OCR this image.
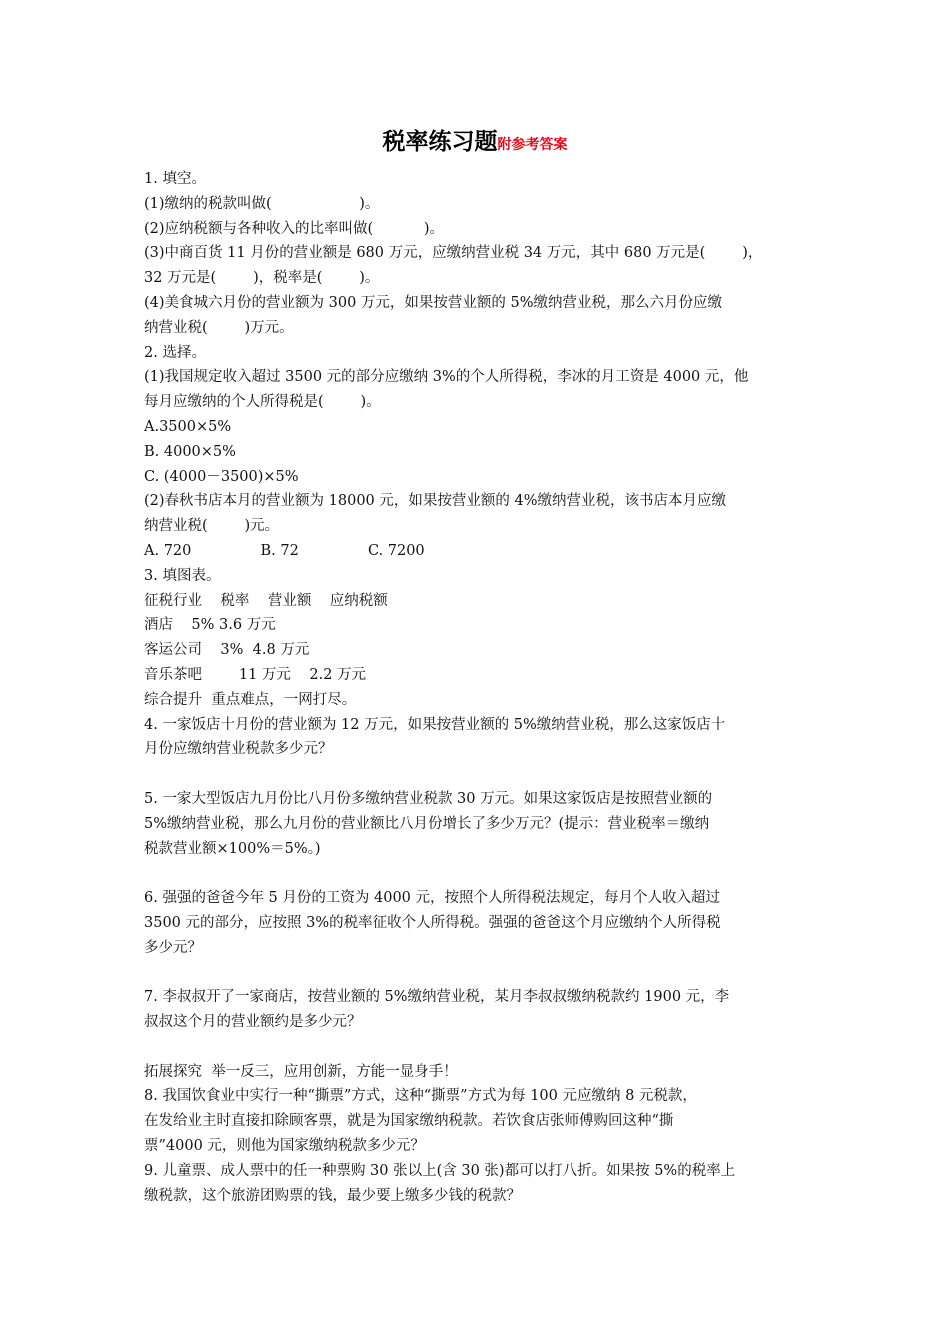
税率练习题附参考答案
1. 填空。
(1)缴纳的税款叫做(                   )。
(2)应纳税额与各种收入的比率叫做(           )。
(3)中商百货 11 月份的营业额是 680 万元，应缴纳营业税 34 万元，其中 680 万元是(        )，
32 万元是(        )，税率是(        )。
(4)美食城六月份的营业额为 300 万元，如果按营业额的 5%缴纳营业税，那么六月份应缴
纳营业税(        )万元。
2. 选择。
(1)我国规定收入超过 3500 元的部分应缴纳 3%的个人所得税，李冰的月工资是 4000 元，他
每月应缴纳的个人所得税是(        )。
A.3500×5%
B. 4000×5%
C. (4000－3500)×5%
(2)春秋书店本月的营业额为 18000 元，如果按营业额的 4%缴纳营业税，该书店本月应缴
纳营业税(        )元。
A. 720               B. 72               C. 7200
3. 填图表。
征税行业    税率    营业额    应纳税额
酒店    5% 3.6 万元
客运公司    3%  4.8 万元
音乐茶吧        11 万元    2.2 万元
综合提升  重点难点，一网打尽。
4. 一家饭店十月份的营业额为 12 万元，如果按营业额的 5%缴纳营业税，那么这家饭店十
月份应缴纳营业税款多少元？
5. 一家大型饭店九月份比八月份多缴纳营业税款 30 万元。如果这家饭店是按照营业额的
5%缴纳营业税，那么九月份的营业额比八月份增长了多少万元？(提示：营业税率＝缴纳
税款营业额×100%＝5%。)
6. 强强的爸爸今年 5 月份的工资为 4000 元，按照个人所得税法规定，每月个人收入超过
3500 元的部分，应按照 3%的税率征收个人所得税。强强的爸爸这个月应缴纳个人所得税
多少元？
7. 李叔叔开了一家商店，按营业额的 5%缴纳营业税，某月李叔叔缴纳税款约 1900 元，李
叔叔这个月的营业额约是多少元？
拓展探究  举一反三，应用创新，方能一显身手！
8. 我国饮食业中实行一种“撕票”方式，这种“撕票”方式为每 100 元应缴纳 8 元税款，
在发给业主时直接扣除顾客票，就是为国家缴纳税款。若饮食店张师傅购回这种“撕
票”4000 元，则他为国家缴纳税款多少元？
9. 儿童票、成人票中的任一种票购 30 张以上(含 30 张)都可以打八折。如果按 5%的税率上
缴税款，这个旅游团购票的钱，最少要上缴多少钱的税款？
